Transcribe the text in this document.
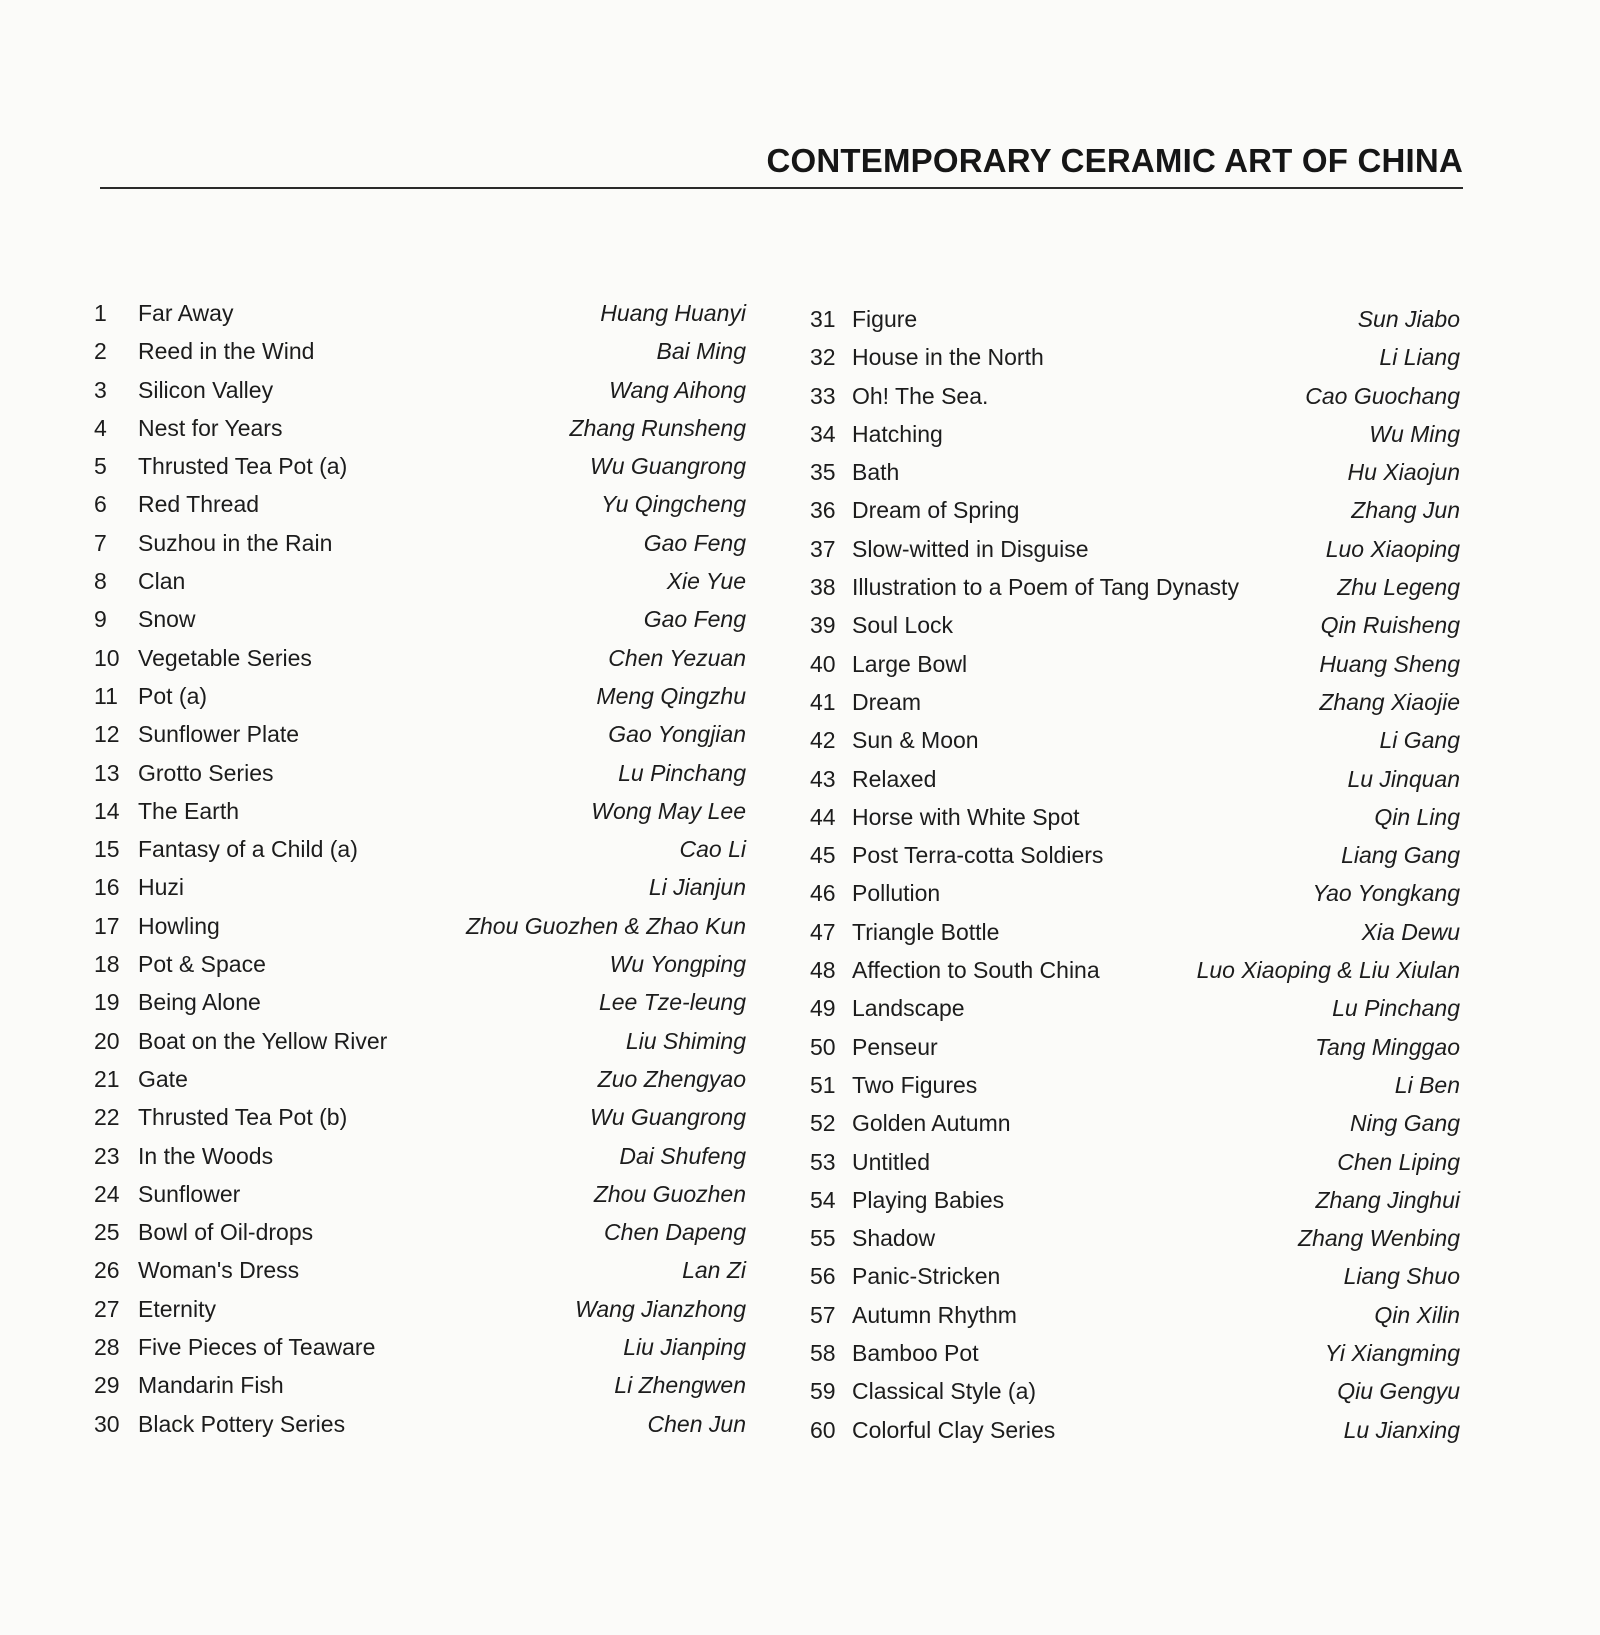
CONTEMPORARY CERAMIC ART OF CHINA
1 Far Away	Huang Huanyi
2 Reed in the Wind	Bai Ming
3 Silicon Valley	Wang Aihong
4 Nest for Years	Zhang Runsheng
5 Thrusted Tea Pot (a)	Wu Guangrong
6 Red Thread	Yu Qingcheng
7 Suzhou in the Rain	Gao Feng
8 Clan	Xie Yue
9 Snow	Gao Feng
10 Vegetable Series	Chen Yezuan
11 Pot (a)	Meng Qingzhu
12 Sunflower Plate	Gao Yongjian
13 Grotto Series	Lu Pinchang
14 The Earth	Wong May Lee
15 Fantasy of a Child (a)	Cao Li
16 Huzi	Li Jianjun
17 Howling	Zhou Guozhen & Zhao Kun
18 Pot & Space	Wu Yongping
19 Being Alone	Lee Tze-leung
20 Boat on the Yellow River	Liu Shiming
21 Gate	Zuo Zhengyao
22 Thrusted Tea Pot (b)	Wu Guangrong
23 In the Woods	Dai Shufeng
24 Sunflower	Zhou Guozhen
25 Bowl of Oil-drops	Chen Dapeng
26 Woman's Dress	Lan Zi
27 Eternity	Wang Jianzhong
28 Five Pieces of Teaware	Liu Jianping
29 Mandarin Fish	Li Zhengwen
30 Black Pottery Series	Chen Jun
31 Figure	Sun Jiabo
32 House in the North	Li Liang
33 Oh! The Sea.	Cao Guochang
34 Hatching	Wu Ming
35 Bath	Hu Xiaojun
36 Dream of Spring	Zhang Jun
37 Slow-witted in Disguise	Luo Xiaoping
38 Illustration to a Poem of Tang Dynasty	Zhu Legeng
39 Soul Lock	Qin Ruisheng
40 Large Bowl	Huang Sheng
41 Dream	Zhang Xiaojie
42 Sun & Moon	Li Gang
43 Relaxed	Lu Jinquan
44 Horse with White Spot	Qin Ling
45 Post Terra-cotta Soldiers	Liang Gang
46 Pollution	Yao Yongkang
47 Triangle Bottle	Xia Dewu
48 Affection to South China	Luo Xiaoping & Liu Xiulan
49 Landscape	Lu Pinchang
50 Penseur	Tang Minggao
51 Two Figures	Li Ben
52 Golden Autumn	Ning Gang
53 Untitled	Chen Liping
54 Playing Babies	Zhang Jinghui
55 Shadow	Zhang Wenbing
56 Panic-Stricken	Liang Shuo
57 Autumn Rhythm	Qin Xilin
58 Bamboo Pot	Yi Xiangming
59 Classical Style (a)	Qiu Gengyu
60 Colorful Clay Series	Lu Jianxing
